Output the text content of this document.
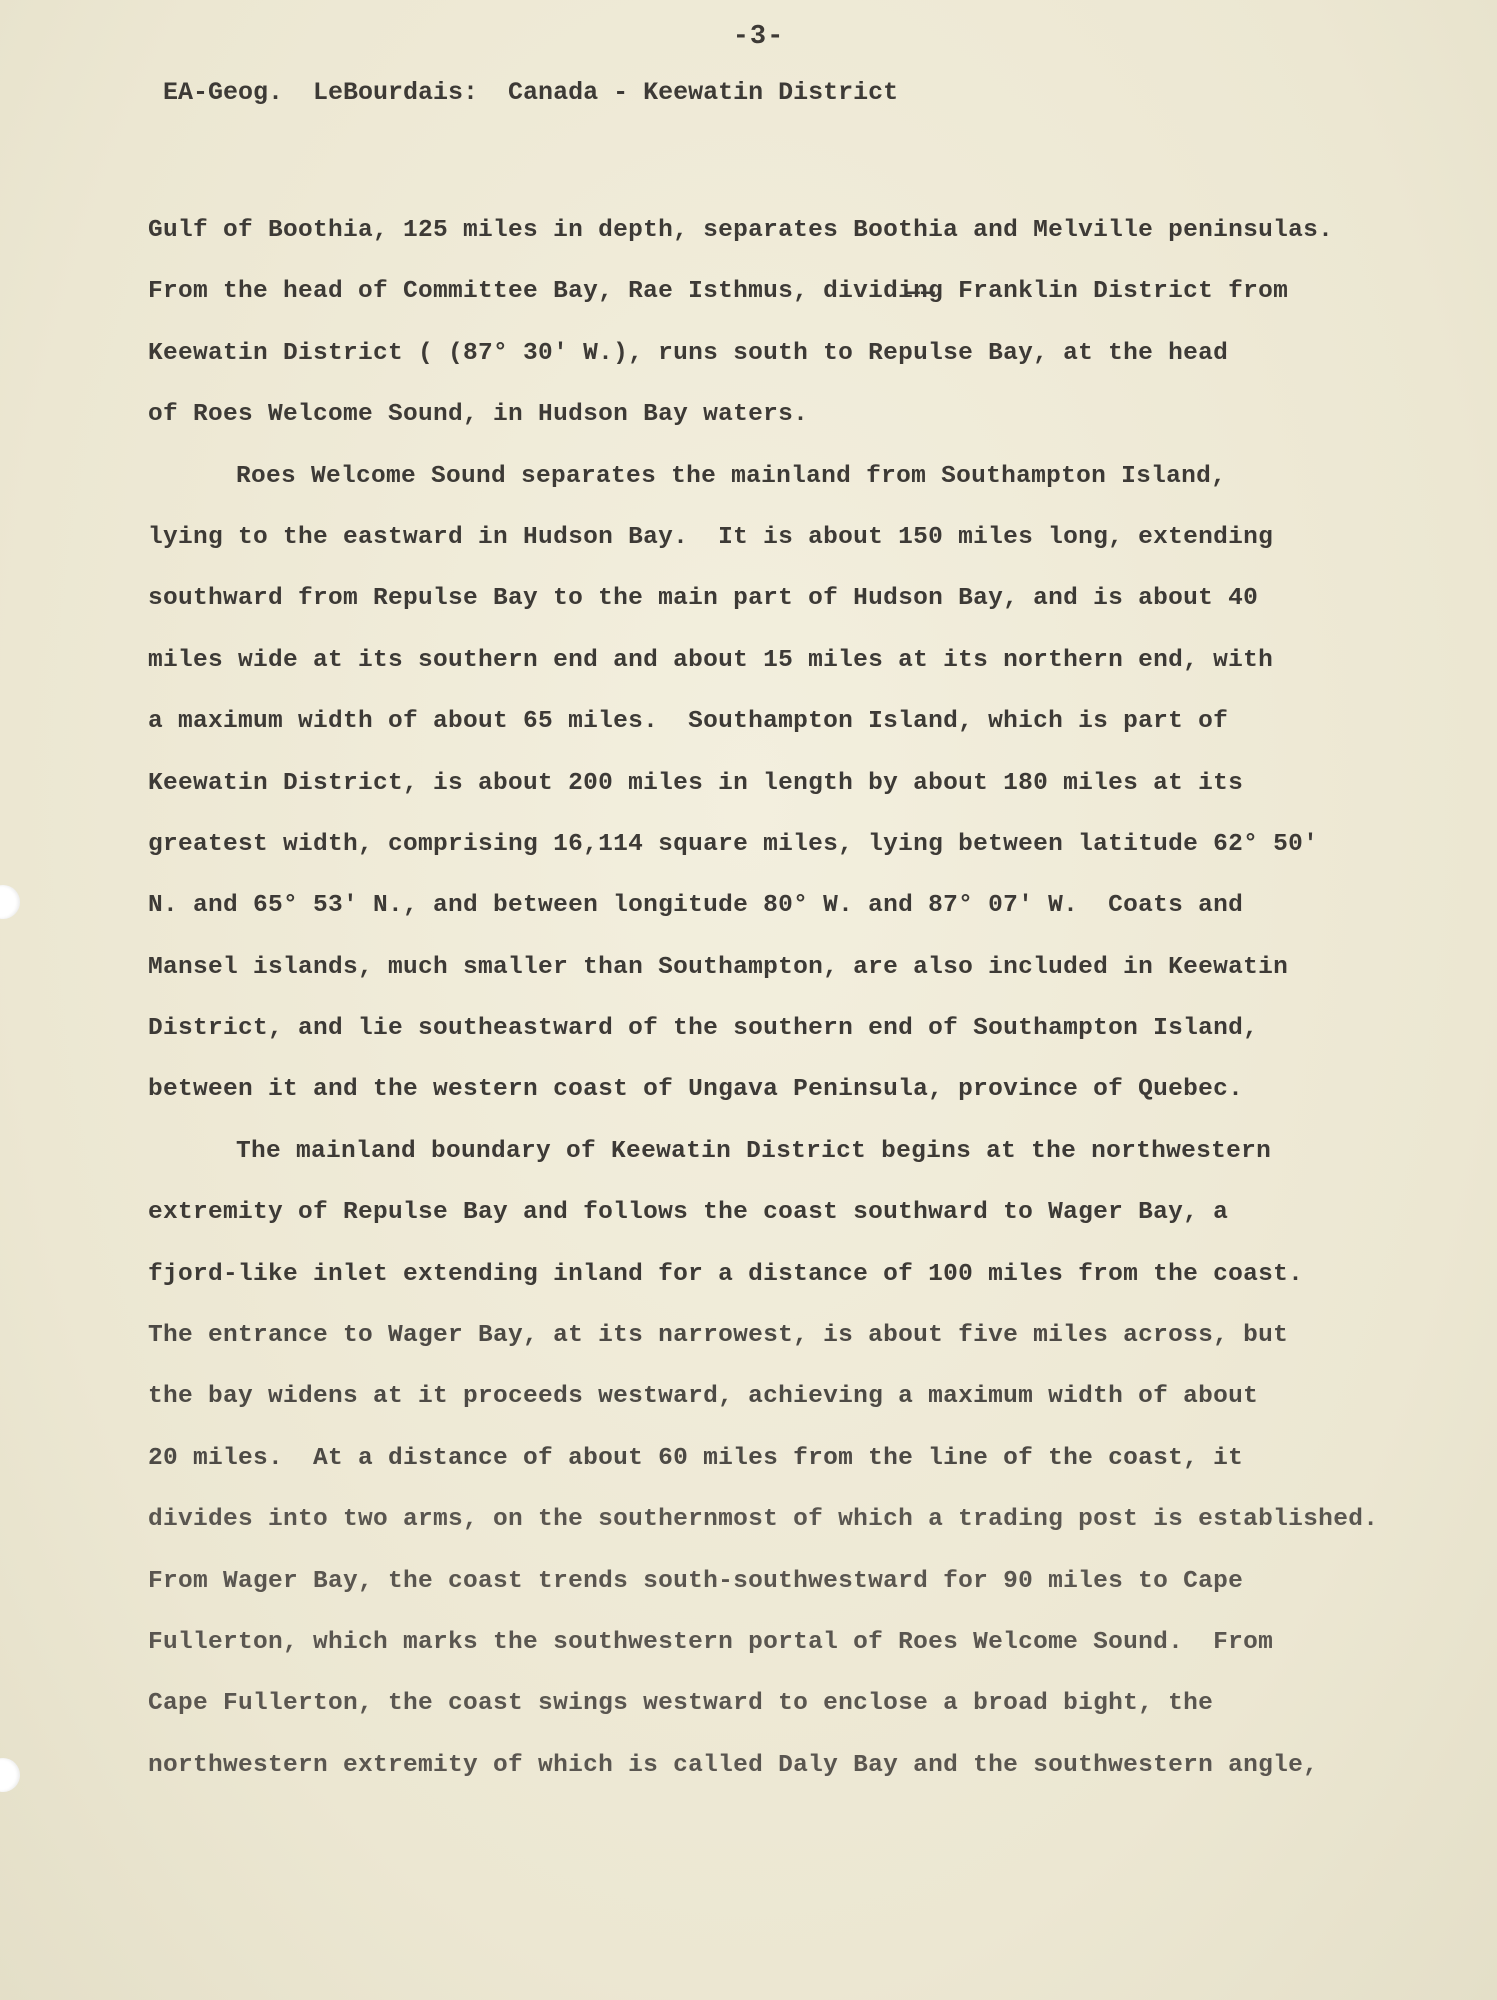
-3-
EA-Geog.  LeBourdais:  Canada - Keewatin District
Gulf of Boothia, 125 miles in depth, separates Boothia and Melville peninsulas.
From the head of Committee Bay, Rae Isthmus, dividi̶n̶g Franklin District from
Keewatin District ( (87° 30' W.), runs south to Repulse Bay, at the head
of Roes Welcome Sound, in Hudson Bay waters.
Roes Welcome Sound separates the mainland from Southampton Island,
lying to the eastward in Hudson Bay.  It is about 150 miles long, extending
southward from Repulse Bay to the main part of Hudson Bay, and is about 40
miles wide at its southern end and about 15 miles at its northern end, with
a maximum width of about 65 miles.  Southampton Island, which is part of
Keewatin District, is about 200 miles in length by about 180 miles at its
greatest width, comprising 16,114 square miles, lying between latitude 62° 50'
N. and 65° 53' N., and between longitude 80° W. and 87° 07' W.  Coats and
Mansel islands, much smaller than Southampton, are also included in Keewatin
District, and lie southeastward of the southern end of Southampton Island,
between it and the western coast of Ungava Peninsula, province of Quebec.
The mainland boundary of Keewatin District begins at the northwestern
extremity of Repulse Bay and follows the coast southward to Wager Bay, a
fjord-like inlet extending inland for a distance of 100 miles from the coast.
The entrance to Wager Bay, at its narrowest, is about five miles across, but
the bay widens at it proceeds westward, achieving a maximum width of about
20 miles.  At a distance of about 60 miles from the line of the coast, it
divides into two arms, on the southernmost of which a trading post is established.
From Wager Bay, the coast trends south-southwestward for 90 miles to Cape
Fullerton, which marks the southwestern portal of Roes Welcome Sound.  From
Cape Fullerton, the coast swings westward to enclose a broad bight, the
northwestern extremity of which is called Daly Bay and the southwestern angle,
